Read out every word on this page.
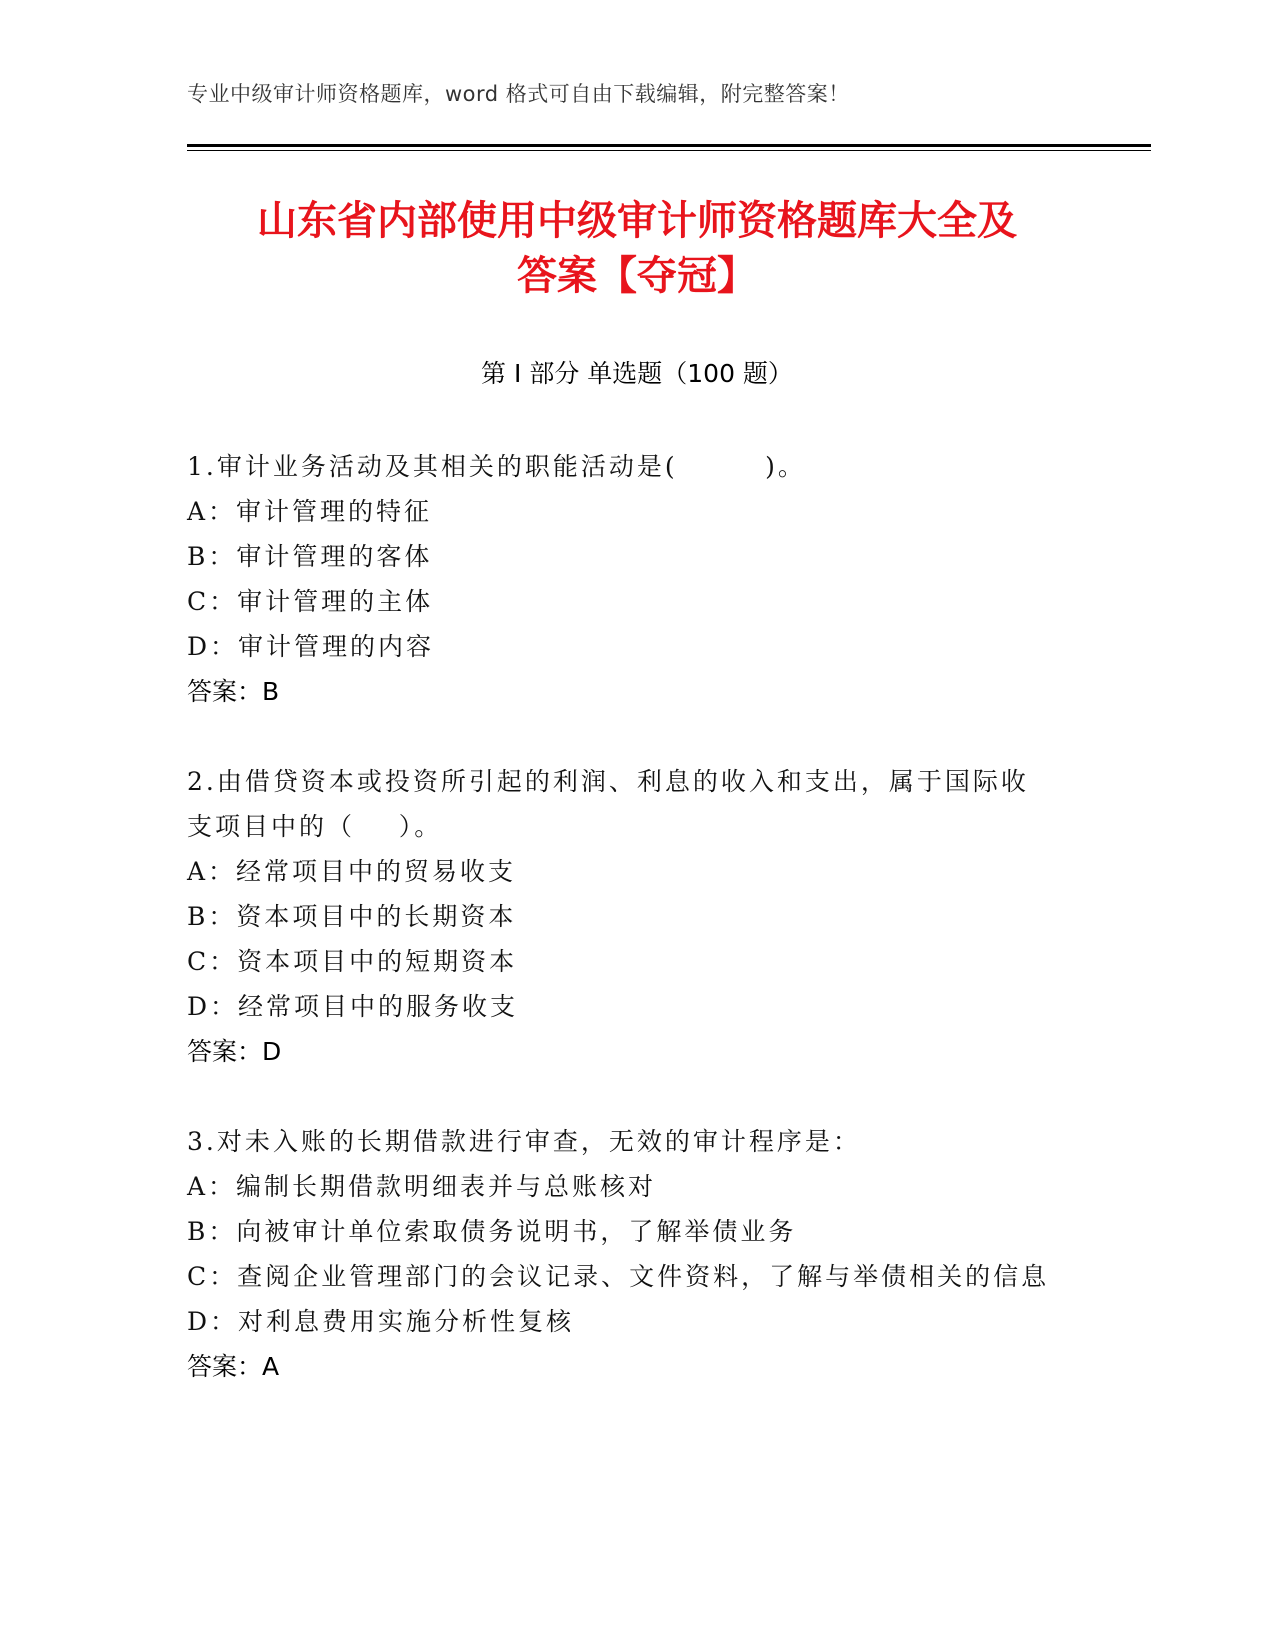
专业中级审计师资格题库，word 格式可自由下载编辑，附完整答案！
山东省内部使用中级审计师资格题库大全及
答案【夺冠】
第 I 部分 单选题（100 题）
1.审计业务活动及其相关的职能活动是(        )。
A：审计管理的特征
B：审计管理的客体
C：审计管理的主体
D：审计管理的内容
答案：B
2.由借贷资本或投资所引起的利润、利息的收入和支出，属于国际收
支项目中的（    ）。
A：经常项目中的贸易收支
B：资本项目中的长期资本
C：资本项目中的短期资本
D：经常项目中的服务收支
答案：D
3.对未入账的长期借款进行审查，无效的审计程序是：
A：编制长期借款明细表并与总账核对
B：向被审计单位索取债务说明书，了解举债业务
C：查阅企业管理部门的会议记录、文件资料，了解与举债相关的信息
D：对利息费用实施分析性复核
答案：A
